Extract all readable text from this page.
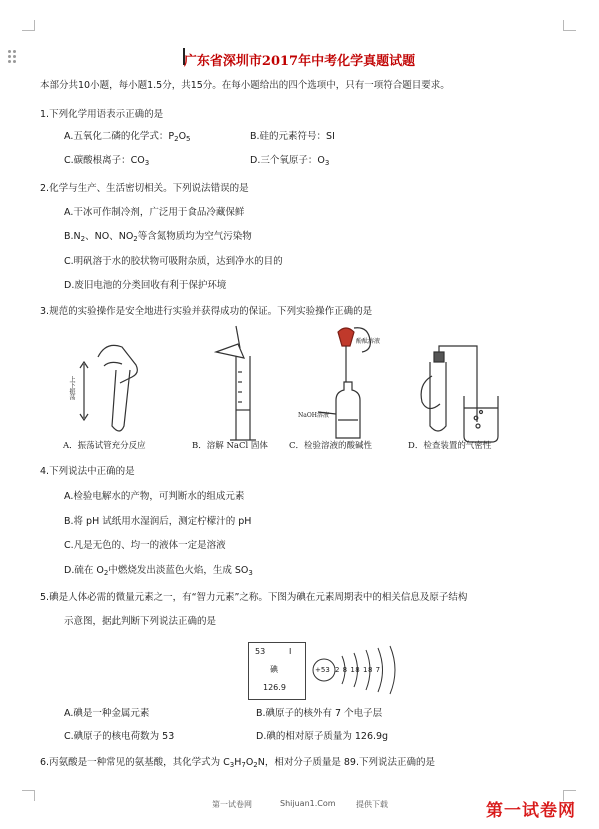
广东省深圳市2017年中考化学真题试题
本部分共10小题，每小题1.5分，共15分。在每小题给出的四个选项中，只有一项符合题目要求。
1.下列化学用语表示正确的是
A.五氧化二磷的化学式：$P_2O_5$	B.硅的元素符号：SI
C.碳酸根离子：$CO_3$	D.三个氧原子：$O_3$
2.化学与生产、生活密切相关。下列说法错误的是
A.干冰可作制冷剂，广泛用于食品冷藏保鲜
$B.N_2$、NO、$NO_2$等含氮物质均为空气污染物
C.明矾溶于水的胶状物可吸附杂质，达到净水的目的
D.废旧电池的分类回收有利于保护环境
3.规范的实验操作是安全地进行实验并获得成功的保证。下列实验操作正确的是
上下振荡
酚酞溶液
NaOH溶液
A．振荡试管充分反应	B．溶解 NaCl 固体 C．检验溶液的酸碱性	D．检查装置的气密性
4.下列说法中正确的是
A.检验电解水的产物，可判断水的组成元素
B.将 pH 试纸用水湿润后，测定柠檬汁的 pH
C.凡是无色的、均一的液体一定是溶液
D.硫在 $O_2$中燃烧发出淡蓝色火焰，生成 $SO_3$
5.碘是人体必需的微量元素之一，有“智力元素”之称。下图为碘在元素周期表中的相关信息及原子结构
示意图，据此判断下列说法正确的是
53	I
碘
126.9
+53 2 8 18 18 7
A.碘是一种金属元素	B.碘原子的核外有 7 个电子层
C.碘原子的核电荷数为 53	D.碘的相对原子质量为 126.9g
6.丙氨酸是一种常见的氨基酸，其化学式为 $C_3H_7O_2N$，相对分子质量是 89.下列说法正确的是
第一试卷网	Shijuan1.Com	提供下载	第一试卷网
